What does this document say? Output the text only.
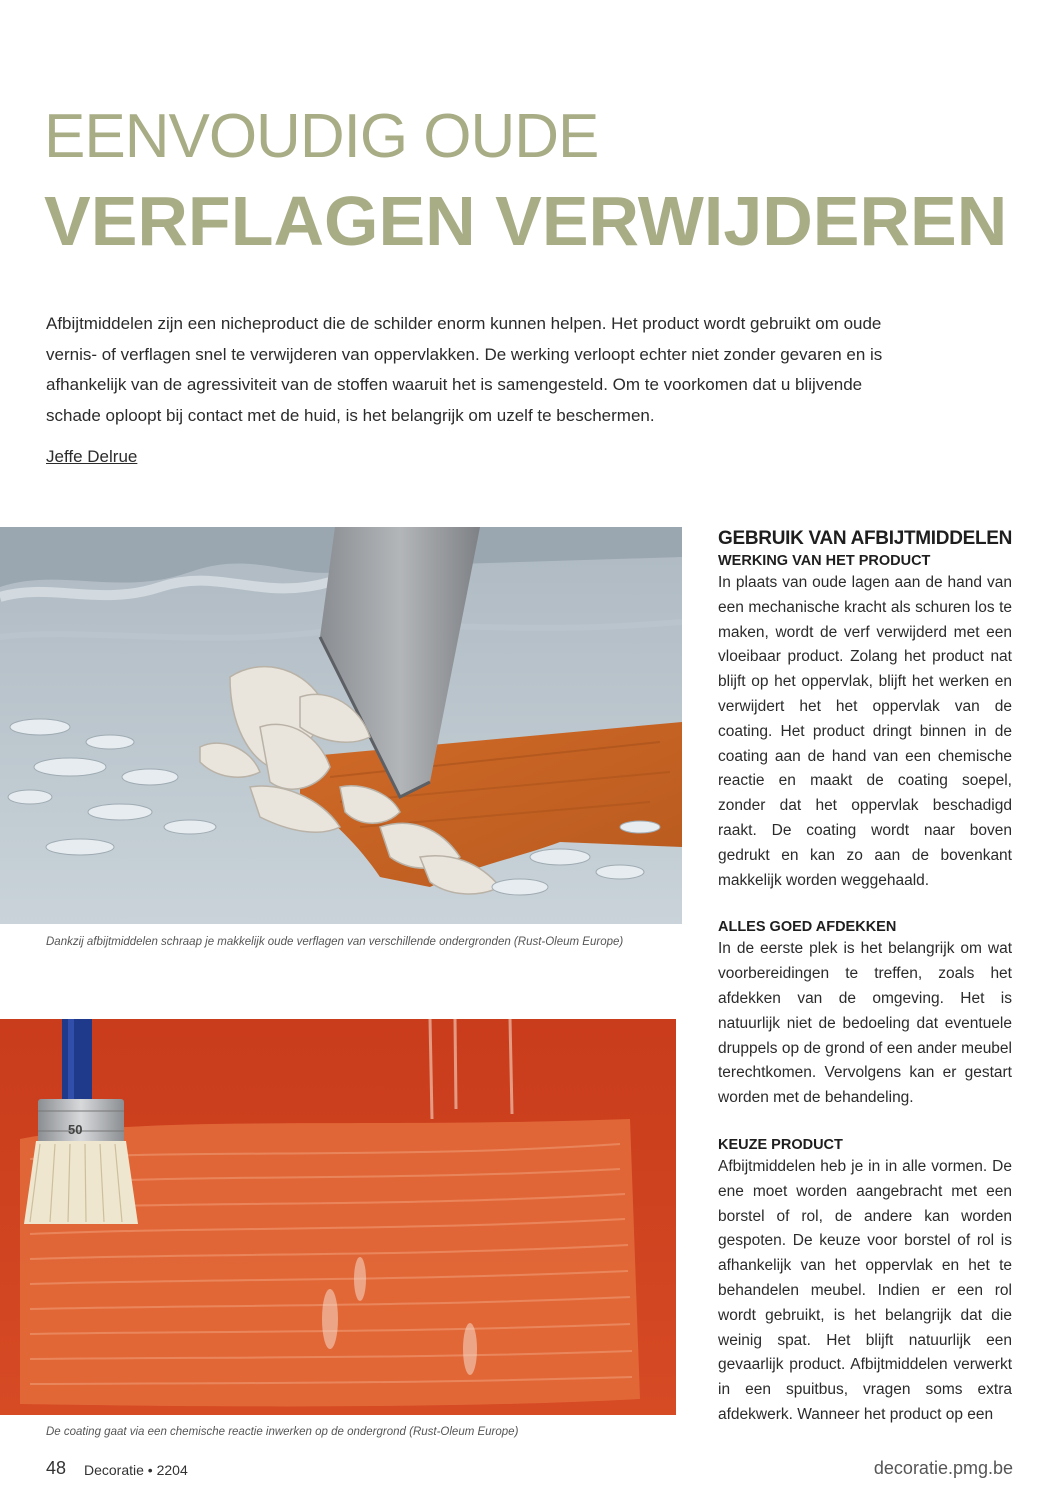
EENVOUDIG OUDE
VERFLAGEN VERWIJDEREN

Afbijtmiddelen zijn een nicheproduct die de schilder enorm kunnen helpen. Het product wordt gebruikt om oude vernis- of verflagen snel te verwijderen van oppervlakken. De werking verloopt echter niet zonder gevaren en is afhankelijk van de agressiviteit van de stoffen waaruit het is samengesteld. Om te voorkomen dat u blijvende schade oploopt bij contact met de huid, is het belangrijk om uzelf te beschermen.

Jeffe Delrue
Dankzij afbijtmiddelen schraap je makkelijk oude verflagen van verschillende ondergronden (Rust-Oleum Europe)
50
De coating gaat via een chemische reactie inwerken op de ondergrond (Rust-Oleum Europe)
GEBRUIK VAN AFBIJTMIDDELEN
WERKING VAN HET PRODUCT

In plaats van oude lagen aan de hand van een mechanische kracht als schuren los te maken, wordt de verf verwijderd met een vloeibaar product. Zolang het product nat blijft op het oppervlak, blijft het werken en verwijdert het het oppervlak van de coating. Het product dringt binnen in de coating aan de hand van een chemische reactie en maakt de coating soepel, zonder dat het oppervlak beschadigd raakt. De coating wordt naar boven gedrukt en kan zo aan de bovenkant makkelijk worden weggehaald.

ALLES GOED AFDEKKEN

In de eerste plek is het belangrijk om wat voorbereidingen te treffen, zoals het afdekken van de omgeving. Het is natuurlijk niet de bedoeling dat eventuele druppels op de grond of een ander meubel terechtkomen. Vervolgens kan er gestart worden met de behandeling.

KEUZE PRODUCT

Afbijtmiddelen heb je in in alle vormen. De ene moet worden aangebracht met een borstel of rol, de andere kan worden gespoten. De keuze voor borstel of rol is afhankelijk van het oppervlak en het te behandelen meubel. Indien er een rol wordt gebruikt, is het belangrijk dat die weinig spat. Het blijft natuurlijk een gevaarlijk product. Afbijtmiddelen verwerkt in een spuitbus, vragen soms extra afdekwerk. Wanneer het product op een

48 Decoratie • 2204	decoratie.pmg.be
